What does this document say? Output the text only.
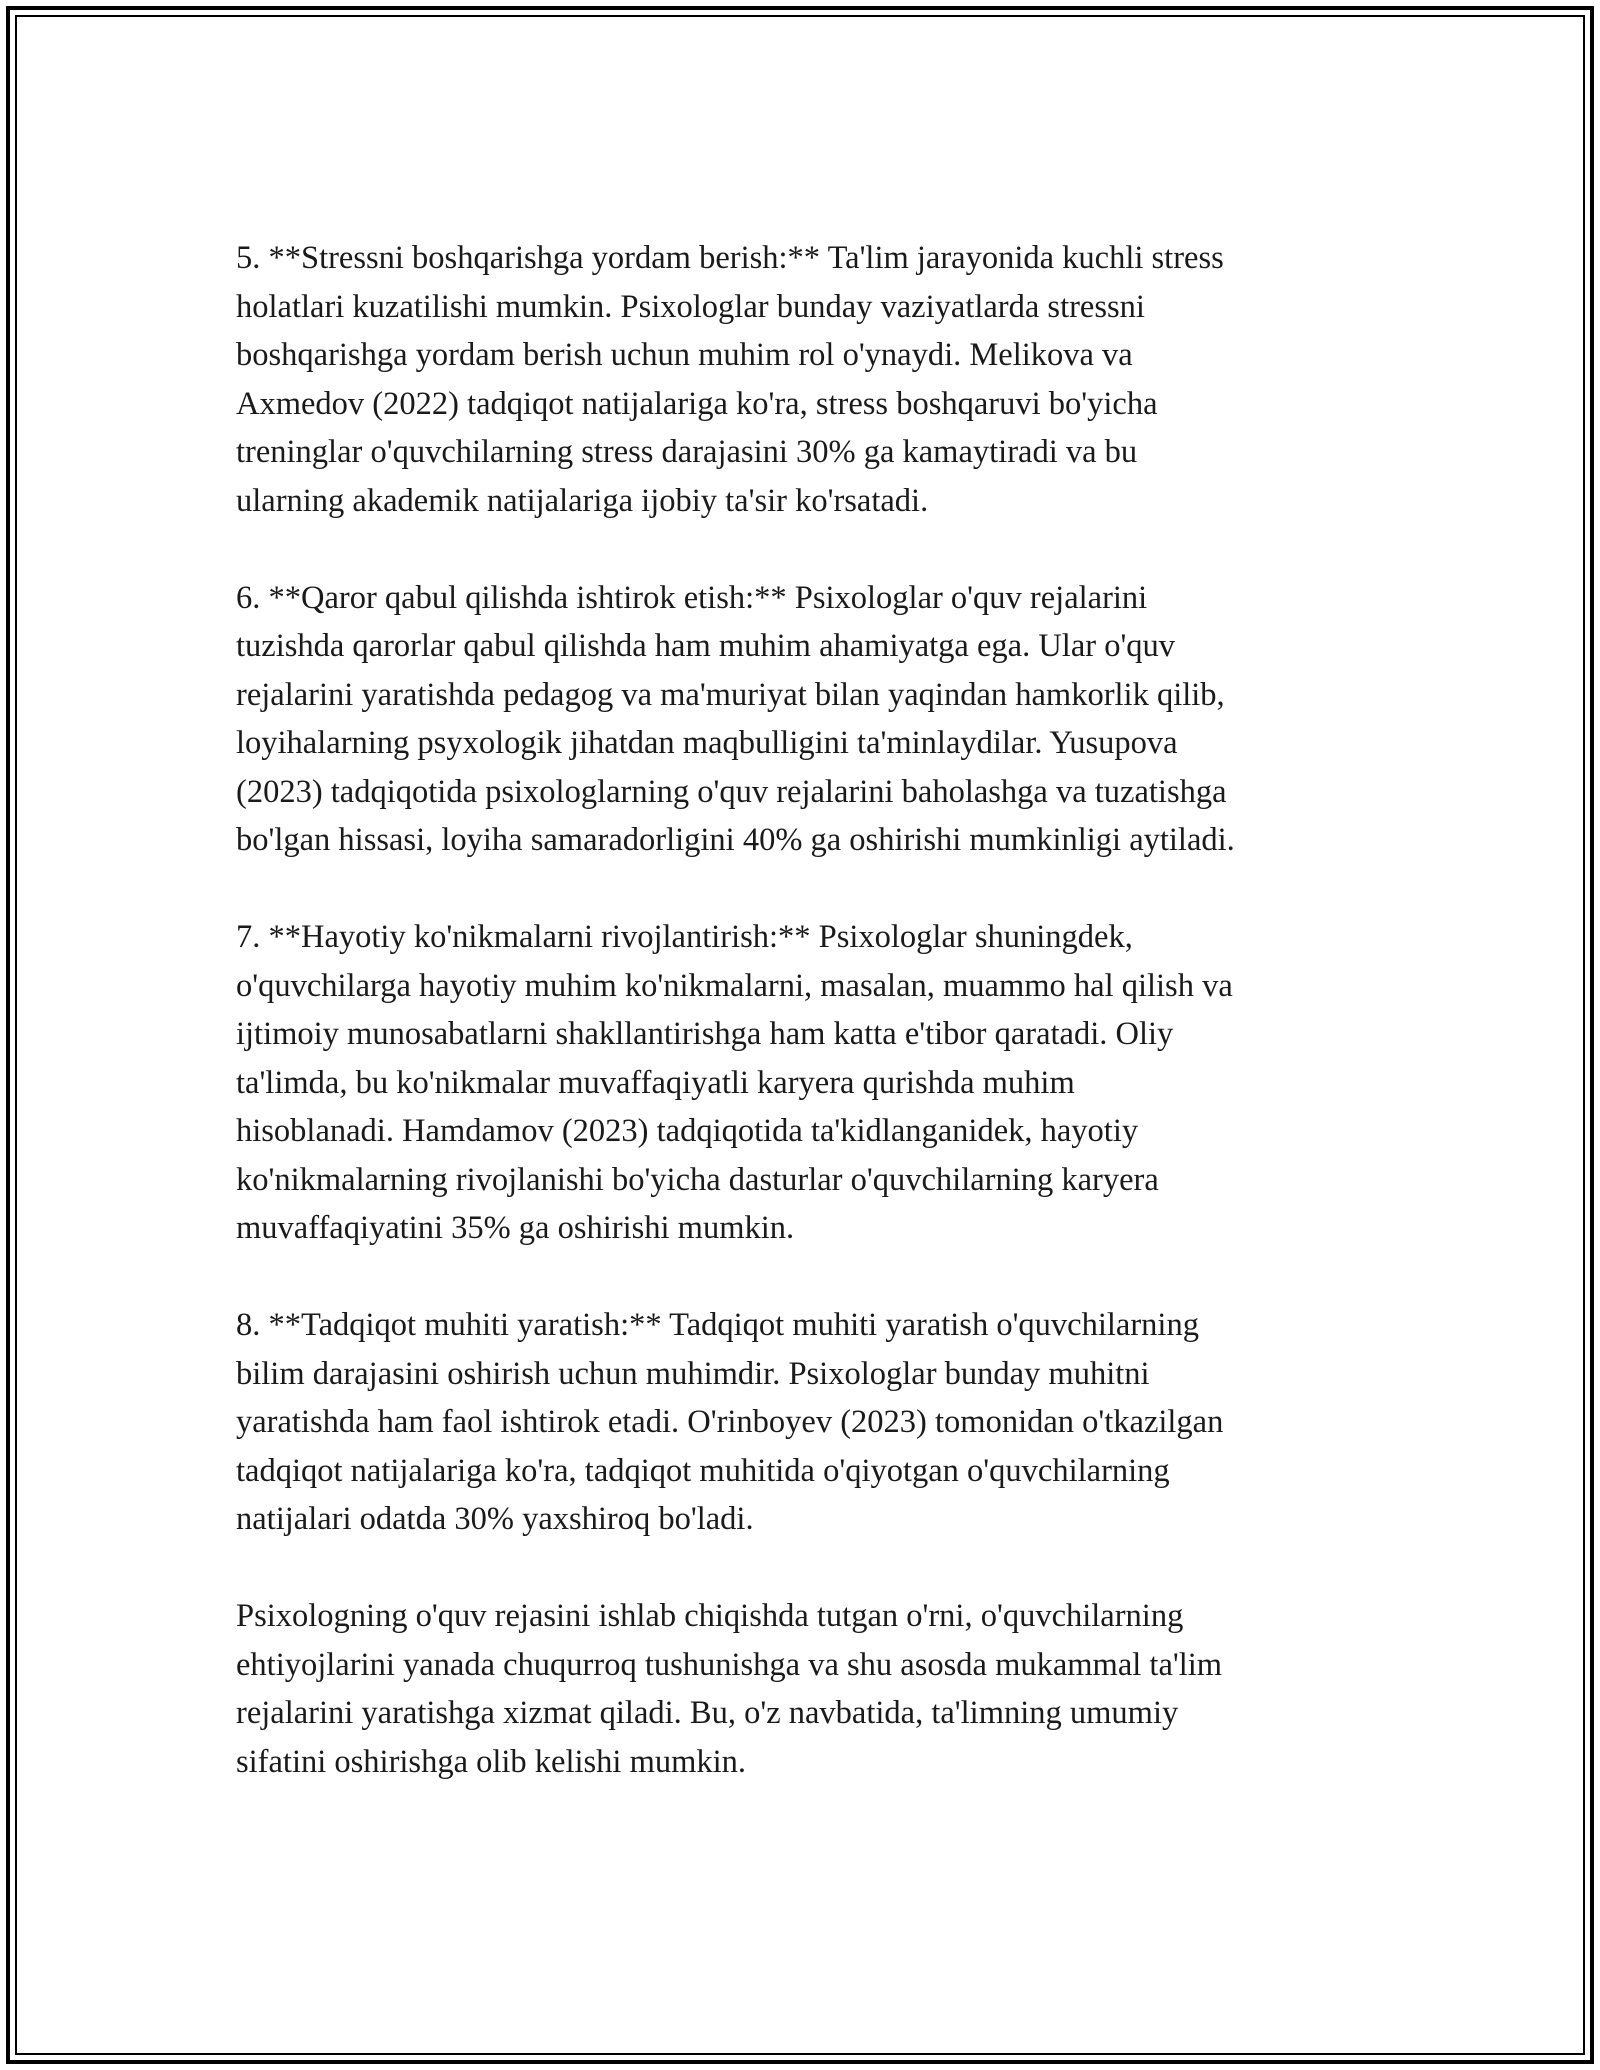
5. **Stressni boshqarishga yordam berish:** Ta'lim jarayonida kuchli stress
holatlari kuzatilishi mumkin. Psixologlar bunday vaziyatlarda stressni
boshqarishga yordam berish uchun muhim rol o'ynaydi. Melikova va
Axmedov (2022) tadqiqot natijalariga ko'ra, stress boshqaruvi bo'yicha
treninglar o'quvchilarning stress darajasini 30% ga kamaytiradi va bu
ularning akademik natijalariga ijobiy ta'sir ko'rsatadi.

6. **Qaror qabul qilishda ishtirok etish:** Psixologlar o'quv rejalarini
tuzishda qarorlar qabul qilishda ham muhim ahamiyatga ega. Ular o'quv
rejalarini yaratishda pedagog va ma'muriyat bilan yaqindan hamkorlik qilib,
loyihalarning psyxologik jihatdan maqbulligini ta'minlaydilar. Yusupova
(2023) tadqiqotida psixologlarning o'quv rejalarini baholashga va tuzatishga
bo'lgan hissasi, loyiha samaradorligini 40% ga oshirishi mumkinligi aytiladi.

7. **Hayotiy ko'nikmalarni rivojlantirish:** Psixologlar shuningdek,
o'quvchilarga hayotiy muhim ko'nikmalarni, masalan, muammo hal qilish va
ijtimoiy munosabatlarni shakllantirishga ham katta e'tibor qaratadi. Oliy
ta'limda, bu ko'nikmalar muvaffaqiyatli karyera qurishda muhim
hisoblanadi. Hamdamov (2023) tadqiqotida ta'kidlanganidek, hayotiy
ko'nikmalarning rivojlanishi bo'yicha dasturlar o'quvchilarning karyera
muvaffaqiyatini 35% ga oshirishi mumkin.

8. **Tadqiqot muhiti yaratish:** Tadqiqot muhiti yaratish o'quvchilarning
bilim darajasini oshirish uchun muhimdir. Psixologlar bunday muhitni
yaratishda ham faol ishtirok etadi. O'rinboyev (2023) tomonidan o'tkazilgan
tadqiqot natijalariga ko'ra, tadqiqot muhitida o'qiyotgan o'quvchilarning
natijalari odatda 30% yaxshiroq bo'ladi.

Psixologning o'quv rejasini ishlab chiqishda tutgan o'rni, o'quvchilarning
ehtiyojlarini yanada chuqurroq tushunishga va shu asosda mukammal ta'lim
rejalarini yaratishga xizmat qiladi. Bu, o'z navbatida, ta'limning umumiy
sifatini oshirishga olib kelishi mumkin.
